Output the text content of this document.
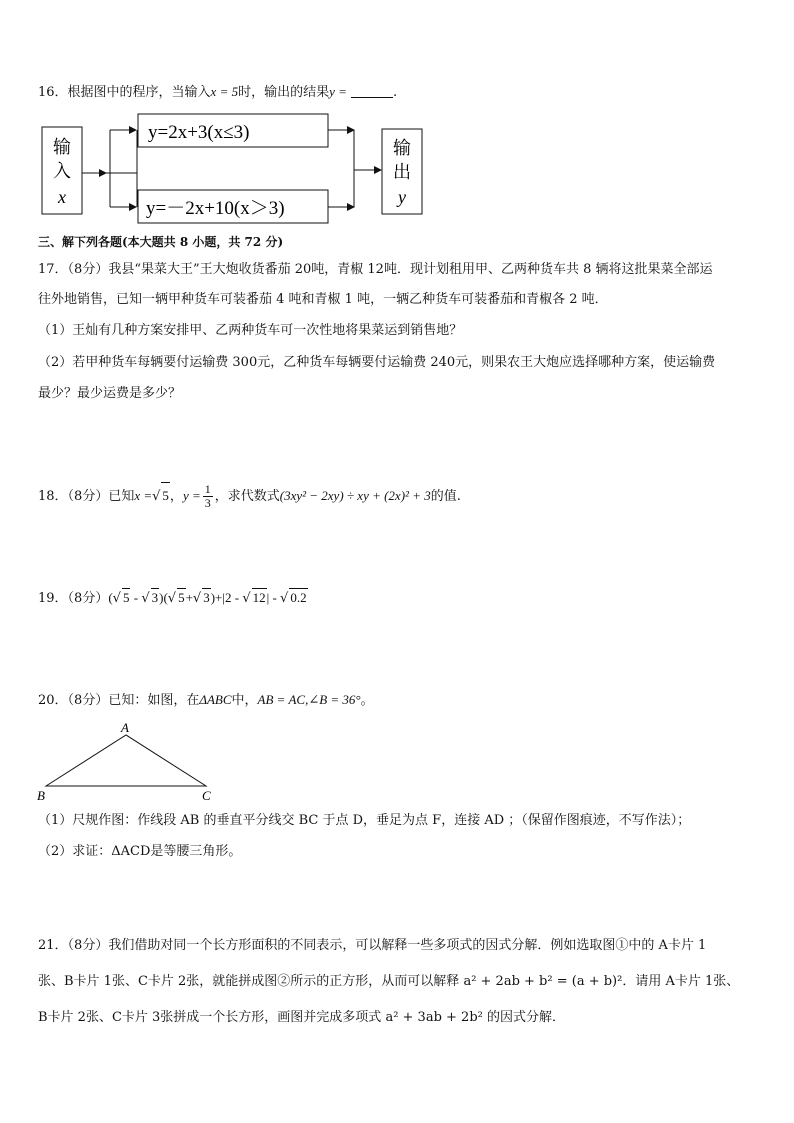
16．根据图中的程序，当输入x = 5时，输出的结果y =	.
输
入
x
y=2x+3(x≤3)
y=－2x+10(x＞3)
输
出
y
三、解下列各题(本大题共 8 小题，共 72 分)
17．（8分）我县“果菜大王”王大炮收货番茄 20吨，青椒 12吨．现计划租用甲、乙两种货车共 8 辆将这批果菜全部运
往外地销售，已知一辆甲种货车可装番茄 4 吨和青椒 1 吨，一辆乙种货车可装番茄和青椒各 2 吨．
（1）王灿有几种方案安排甲、乙两种货车可一次性地将果菜运到销售地？
（2）若甲种货车每辆要付运输费 300元，乙种货车每辆要付运输费 240元，则果农王大炮应选择哪种方案，使运输费
最少？最少运费是多少？
18．（8分）已知x =√ 5，$y = \frac{1}{3}$ ，求代数式(3xy² − 2xy) ÷ xy + (2x)² + 3的值.
19．（8分）(√ 5 - √ 3)(√ 5+√ 3)+|2 - √ 12| - √ 0.2
20．（8分）已知：如图，在ΔABC中，AB = AC,∠B = 36°。
A
B	C
（1）尺规作图：作线段 AB 的垂直平分线交 BC 于点 D，垂足为点 F，连接 AD ；（保留作图痕迹，不写作法）；
（2）求证：ΔACD是等腰三角形。
21．（8分）我们借助对同一个长方形面积的不同表示，可以解释一些多项式的因式分解．例如选取图①中的 A卡片 1
张、B卡片 1张、C卡片 2张，就能拼成图②所示的正方形，从而可以解释 a² + 2ab + b² = (a + b)²．请用 A卡片 1张、
B卡片 2张、C卡片 3张拼成一个长方形，画图并完成多项式 a² + 3ab + 2b² 的因式分解．
